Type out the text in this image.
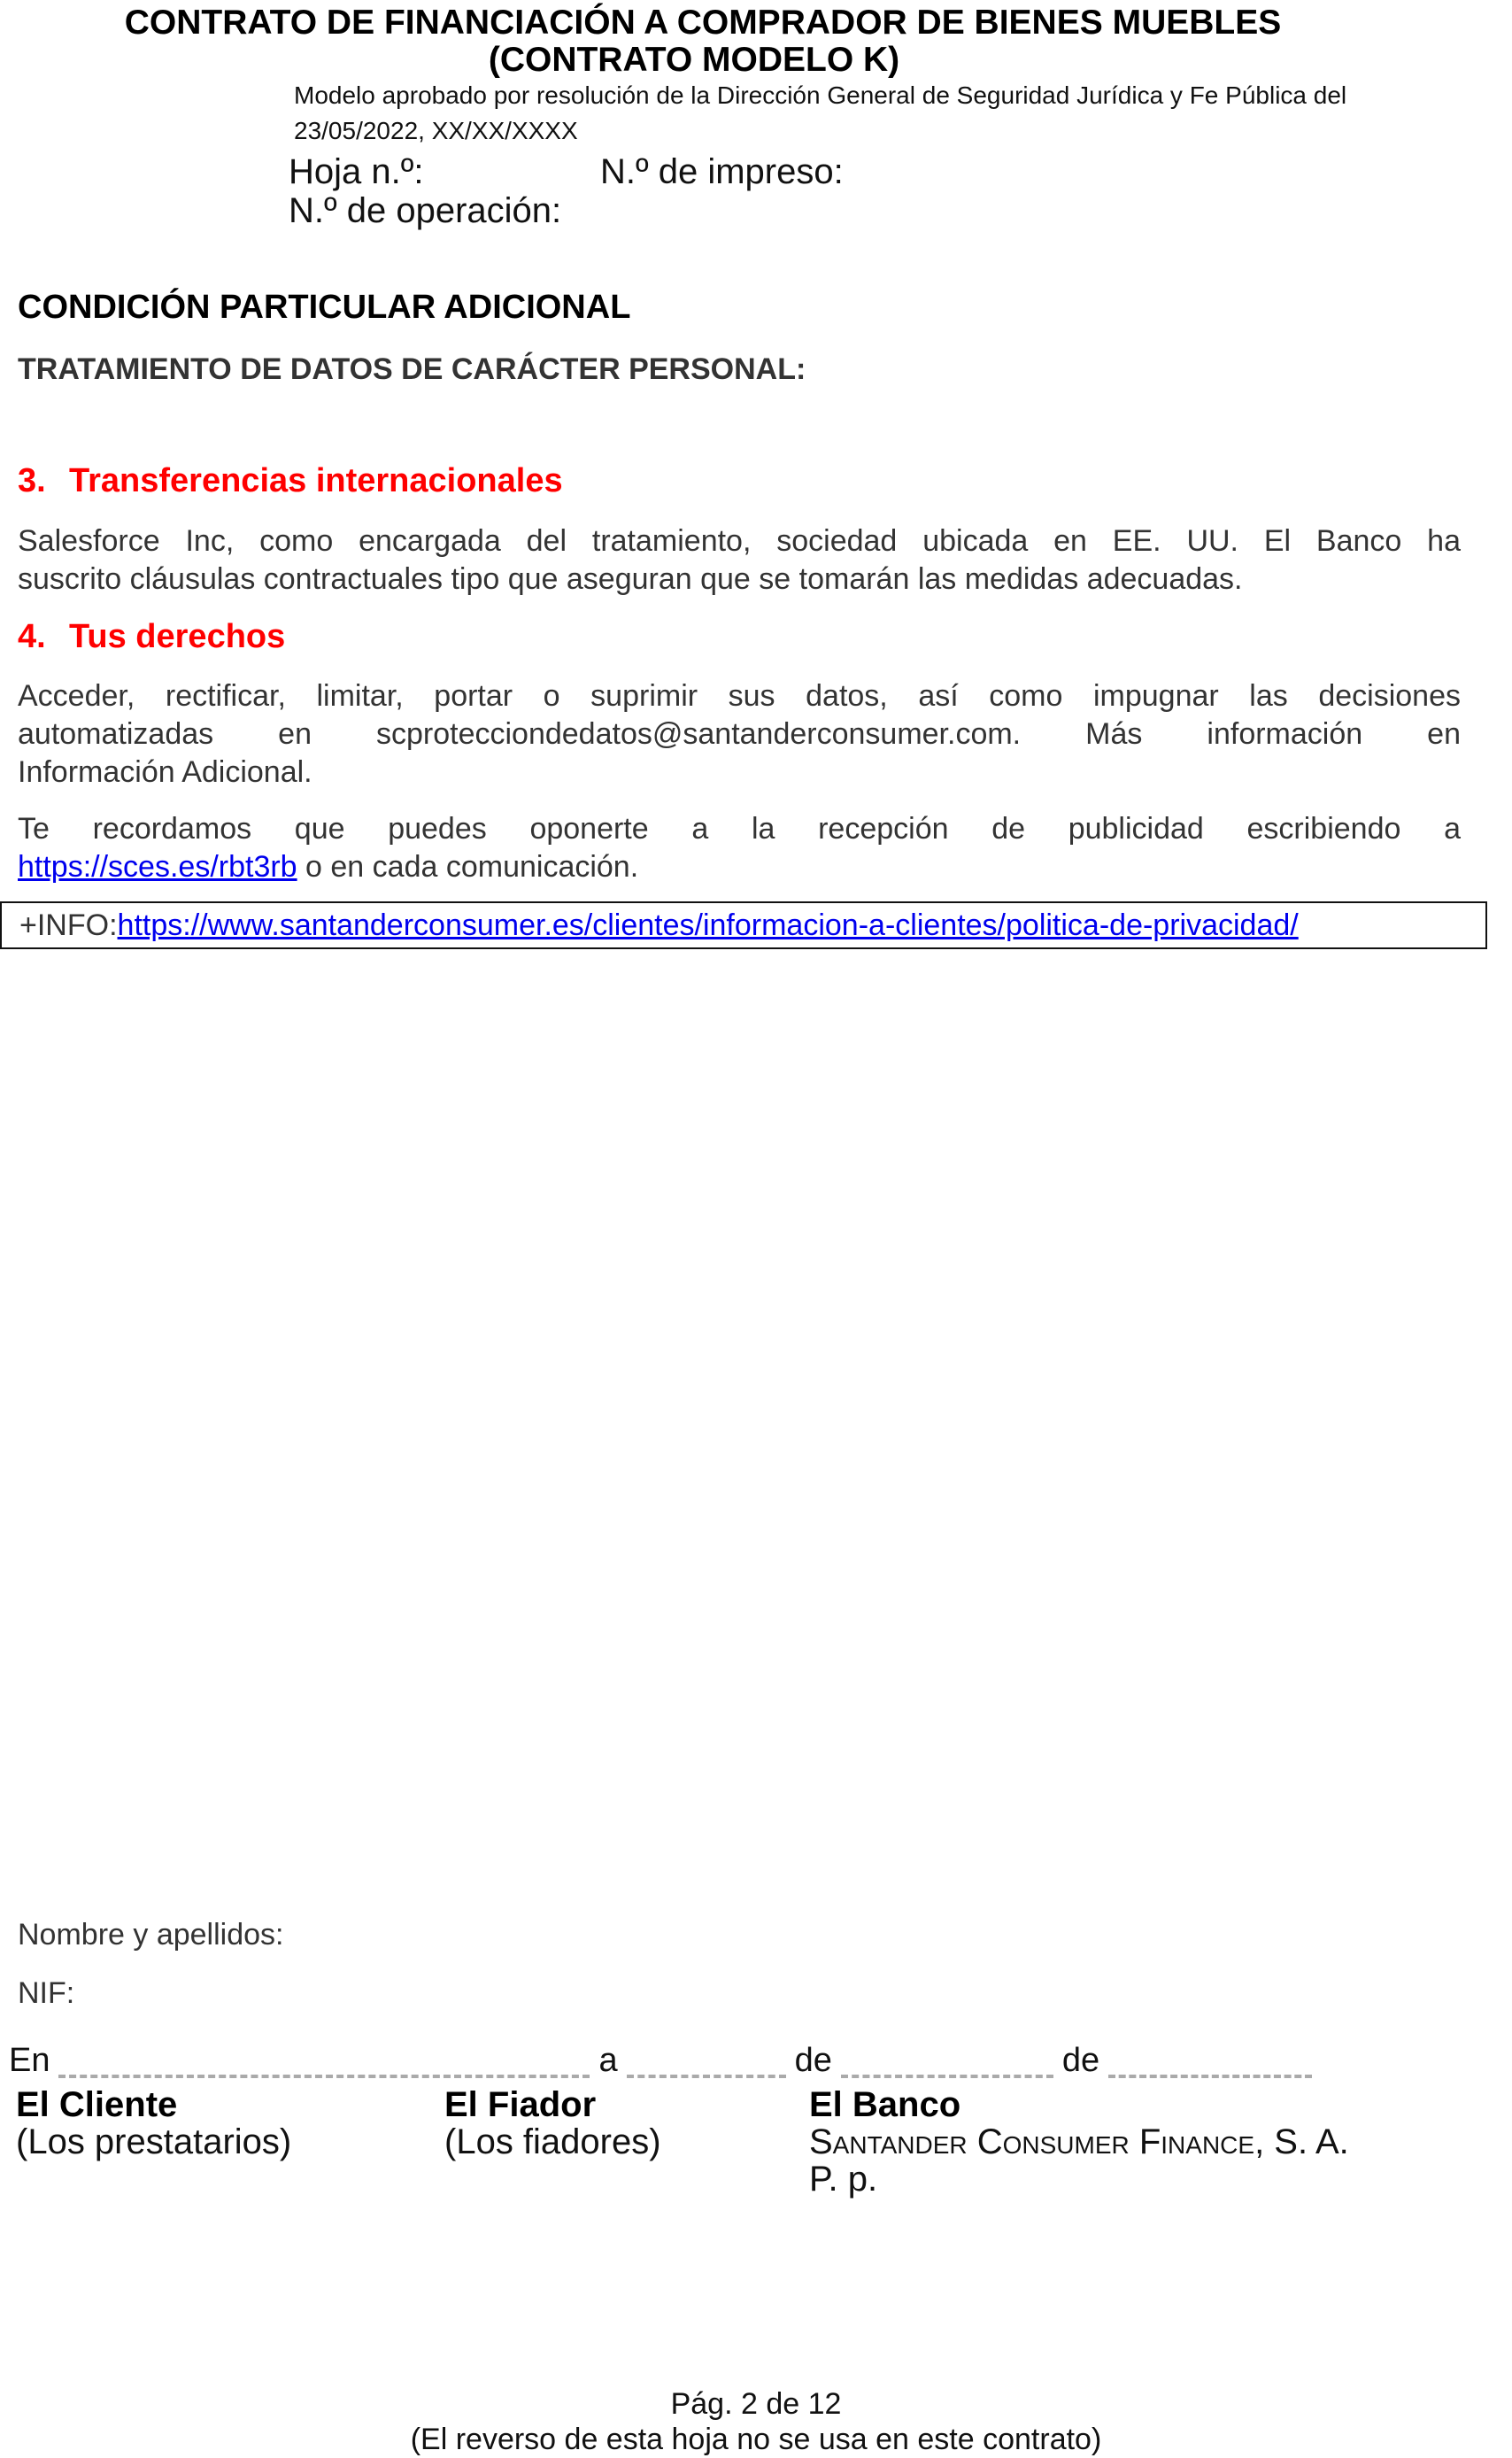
CONTRATO DE FINANCIACIÓN A COMPRADOR DE BIENES MUEBLES
(CONTRATO MODELO K)
Modelo aprobado por resolución de la Dirección General de Seguridad Jurídica y Fe Pública del
23/05/2022, XX/XX/XXXX
Hoja n.º:	N.º de impreso:
N.º de operación:
CONDICIÓN PARTICULAR ADICIONAL
TRATAMIENTO DE DATOS DE CARÁCTER PERSONAL:
3. Transferencias internacionales
Salesforce Inc, como encargada del tratamiento, sociedad ubicada en EE. UU. El Banco ha
suscrito cláusulas contractuales tipo que aseguran que se tomarán las medidas adecuadas.
4. Tus derechos
Acceder, rectificar, limitar, portar o suprimir sus datos, así como impugnar las decisiones
automatizadas en scprotecciondedatos@santanderconsumer.com. Más información en
Información Adicional.
Te recordamos que puedes oponerte a la recepción de publicidad escribiendo a
https://sces.es/rbt3rb o en cada comunicación.
+INFO:https://www.santanderconsumer.es/clientes/informacion-a-clientes/politica-de-privacidad/
Nombre y apellidos:
NIF:
En	a	de	de
El Cliente
(Los prestatarios)
El Fiador
(Los fiadores)
El Banco
Santander Consumer Finance, S. A.
P. p.
Pág. 2 de 12
(El reverso de esta hoja no se usa en este contrato)
